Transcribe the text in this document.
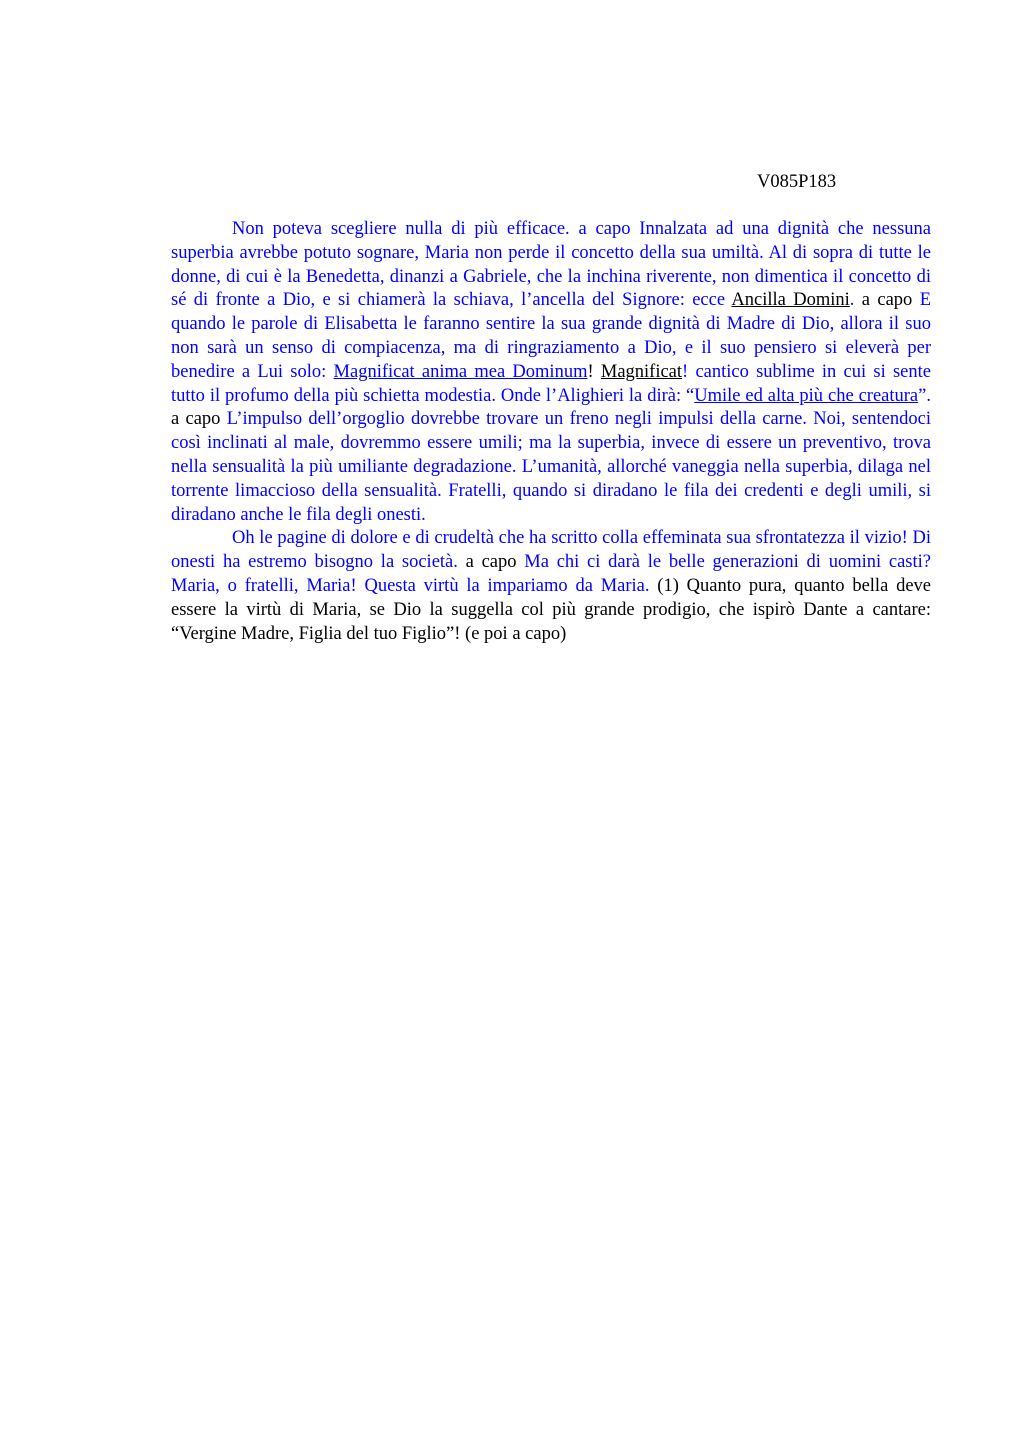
V085P183

Non poteva scegliere nulla di più efficace. a capo Innalzata ad una dignità che nessuna superbia avrebbe potuto sognare, Maria non perde il concetto della sua umiltà. Al di sopra di tutte le donne, di cui è la Benedetta, dinanzi a Gabriele, che la inchina riverente, non dimentica il concetto di sé di fronte a Dio, e si chiamerà la schiava, l’ancella del Signore: ecce Ancilla Domini. a capo E quando le parole di Elisabetta le faranno sentire la sua grande dignità di Madre di Dio, allora il suo non sarà un senso di compiacenza, ma di ringraziamento a Dio, e il suo pensiero si eleverà per benedire a Lui solo: Magnificat anima mea Dominum! Magnificat! cantico sublime in cui si sente tutto il profumo della più schietta modestia. Onde l’Alighieri la dirà: “Umile ed alta più che creatura”. a capo L’impulso dell’orgoglio dovrebbe trovare un freno negli impulsi della carne. Noi, sentendoci così inclinati al male, dovremmo essere umili; ma la superbia, invece di essere un preventivo, trova nella sensualità la più umiliante degradazione. L’umanità, allorché vaneggia nella superbia, dilaga nel torrente limaccioso della sensualità. Fratelli, quando si diradano le fila dei credenti e degli umili, si diradano anche le fila degli onesti.

Oh le pagine di dolore e di crudeltà che ha scritto colla effeminata sua sfrontatezza il vizio! Di onesti ha estremo bisogno la società. a capo Ma chi ci darà le belle generazioni di uomini casti? Maria, o fratelli, Maria! Questa virtù la impariamo da Maria. (1) Quanto pura, quanto bella deve essere la virtù di Maria, se Dio la suggella col più grande prodigio, che ispirò Dante a cantare: “Vergine Madre, Figlia del tuo Figlio”! (e poi a capo)
